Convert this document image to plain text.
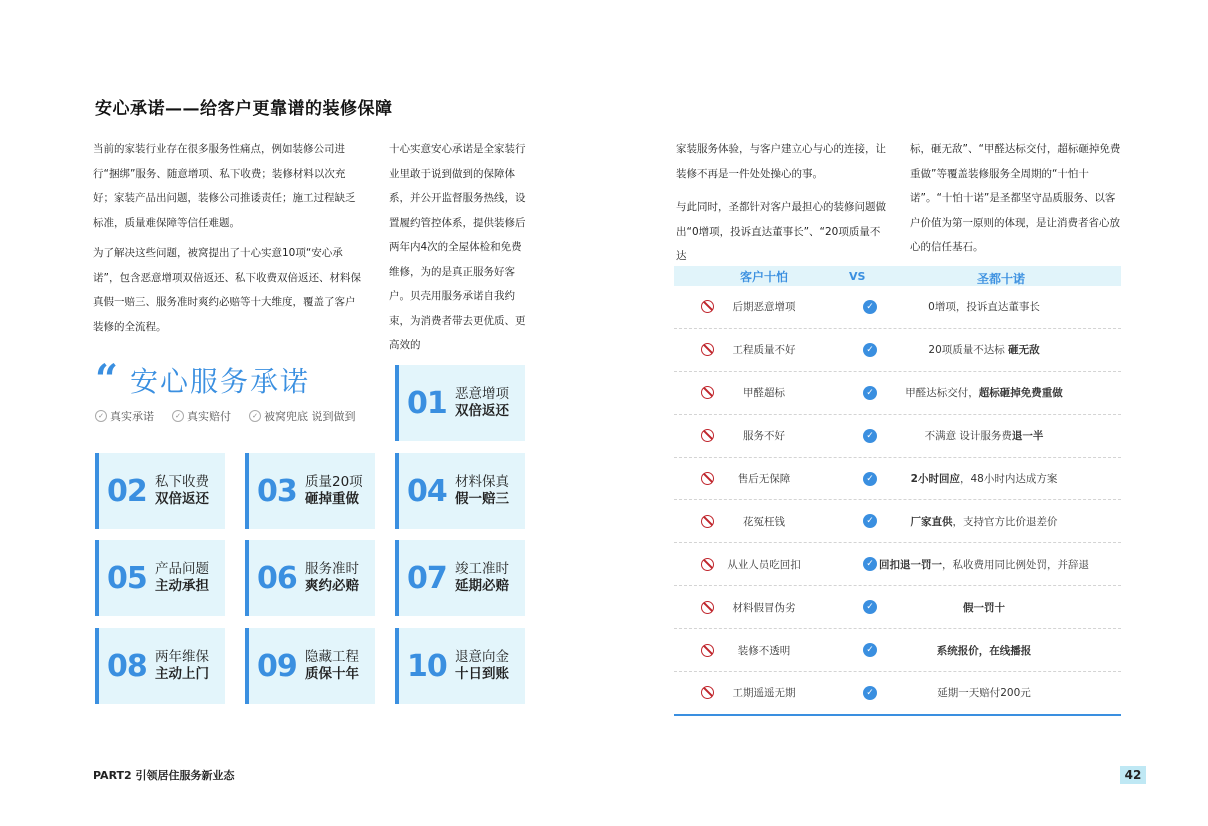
安心承诺——给客户更靠谱的装修保障
当前的家装行业存在很多服务性痛点，例如装修公司进行“捆绑”服务、随意增项、私下收费；装修材料以次充好；家装产品出问题，装修公司推诿责任；施工过程缺乏标准，质量难保障等信任难题。
为了解决这些问题，被窝提出了十心实意10项“安心承诺”，包含恶意增项双倍返还、私下收费双倍返还、材料保真假一赔三、服务准时爽约必赔等十大维度，覆盖了客户装修的全流程。
十心实意安心承诺是全家装行业里敢于说到做到的保障体系，并公开监督服务热线，设置履约管控体系，提供装修后两年内4次的全屋体检和免费维修，为的是真正服务好客户。贝壳用服务承诺自我约束，为消费者带去更优质、更高效的
家装服务体验，与客户建立心与心的连接，让装修不再是一件处处操心的事。
与此同时，圣都针对客户最担心的装修问题做出“0增项，投诉直达董事长”、“20项质量不达
标，砸无敌”、“甲醛达标交付，超标砸掉免费重做”等覆盖装修服务全周期的“十怕十诺”。“十怕十诺”是圣都坚守品质服务、以客户价值为第一原则的体现，是让消费者省心放心的信任基石。
“ 安心服务承诺
✓ 真实承诺	✓ 真实赔付	✓ 被窝兜底 说到做到 01 恶意增项
双倍返还
02 私下收费
双倍返还 03 质量20项
砸掉重做 04 材料保真
假一赔三
05 产品问题
主动承担 06 服务准时
爽约必赔 07 竣工准时
延期必赔
08 两年维保
主动上门 09 隐藏工程
质保十年 10 退意向金
十日到账
客户十怕	VS	圣都十诺
后期恶意增项	✓	0增项，投诉直达董事长
工程质量不好	✓	20项质量不达标 砸无敌
甲醛超标	✓	甲醛达标交付，超标砸掉免费重做
服务不好	✓	不满意 设计服务费退一半
售后无保障	✓	2小时回应，48小时内达成方案
花冤枉钱	✓	厂家直供，支持官方比价退差价
从业人员吃回扣	✓ 回扣退一罚一，私收费用同比例处罚，并辞退
材料假冒伪劣	✓	假一罚十
装修不透明	✓	系统报价，在线播报
工期遥遥无期	✓	延期一天赔付200元
PART2 引领居住服务新业态	42
